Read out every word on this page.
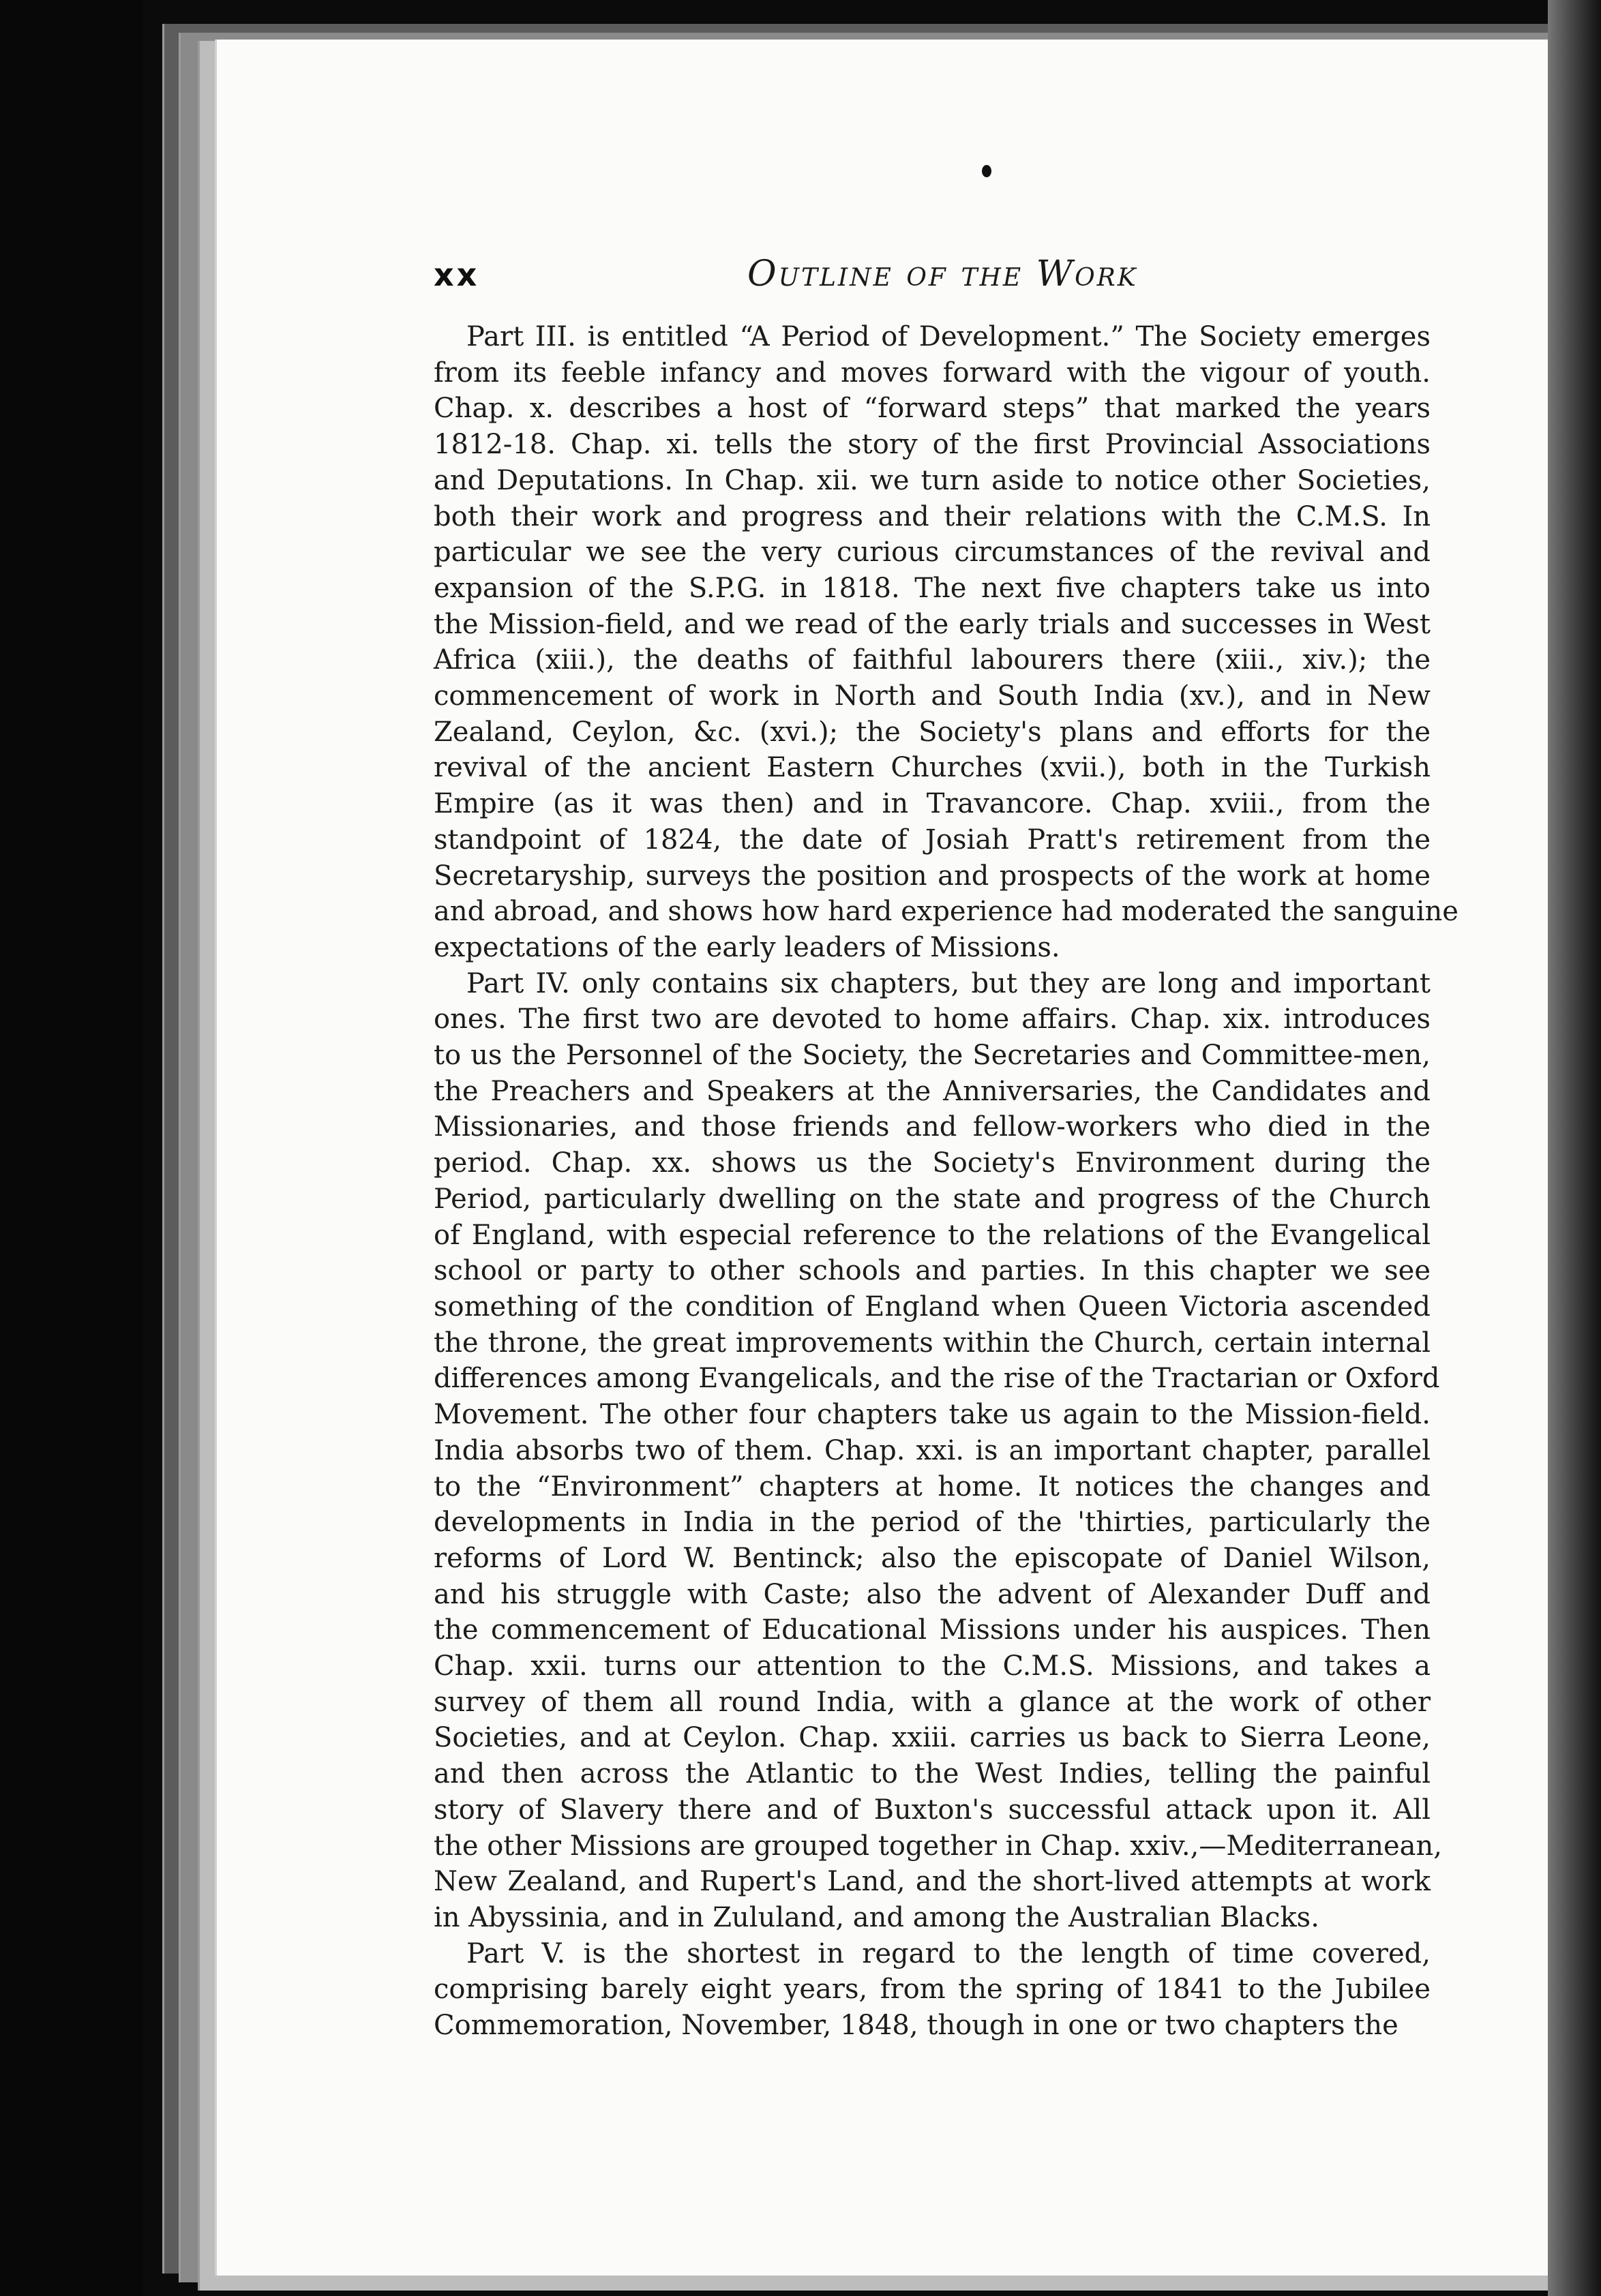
xx	Outline of the Work

Part III. is entitled “A Period of Development.” The Society emerges
from its feeble infancy and moves forward with the vigour of youth.
Chap. x. describes a host of “forward steps” that marked the years
1812-18. Chap. xi. tells the story of the first Provincial Associations
and Deputations. In Chap. xii. we turn aside to notice other Societies,
both their work and progress and their relations with the C.M.S. In
particular we see the very curious circumstances of the revival and
expansion of the S.P.G. in 1818. The next five chapters take us into
the Mission-field, and we read of the early trials and successes in West
Africa (xiii.), the deaths of faithful labourers there (xiii., xiv.); the
commencement of work in North and South India (xv.), and in New
Zealand, Ceylon, &c. (xvi.); the Society's plans and efforts for the
revival of the ancient Eastern Churches (xvii.), both in the Turkish
Empire (as it was then) and in Travancore. Chap. xviii., from the
standpoint of 1824, the date of Josiah Pratt's retirement from the
Secretaryship, surveys the position and prospects of the work at home
and abroad, and shows how hard experience had moderated the sanguine
expectations of the early leaders of Missions.

Part IV. only contains six chapters, but they are long and important
ones. The first two are devoted to home affairs. Chap. xix. introduces
to us the Personnel of the Society, the Secretaries and Committee-men,
the Preachers and Speakers at the Anniversaries, the Candidates and
Missionaries, and those friends and fellow-workers who died in the
period. Chap. xx. shows us the Society's Environment during the
Period, particularly dwelling on the state and progress of the Church
of England, with especial reference to the relations of the Evangelical
school or party to other schools and parties. In this chapter we see
something of the condition of England when Queen Victoria ascended
the throne, the great improvements within the Church, certain internal
differences among Evangelicals, and the rise of the Tractarian or Oxford
Movement. The other four chapters take us again to the Mission-field.
India absorbs two of them. Chap. xxi. is an important chapter, parallel
to the “Environment” chapters at home. It notices the changes and
developments in India in the period of the 'thirties, particularly the
reforms of Lord W. Bentinck; also the episcopate of Daniel Wilson,
and his struggle with Caste; also the advent of Alexander Duff and
the commencement of Educational Missions under his auspices. Then
Chap. xxii. turns our attention to the C.M.S. Missions, and takes a
survey of them all round India, with a glance at the work of other
Societies, and at Ceylon. Chap. xxiii. carries us back to Sierra Leone,
and then across the Atlantic to the West Indies, telling the painful
story of Slavery there and of Buxton's successful attack upon it. All
the other Missions are grouped together in Chap. xxiv.,—Mediterranean,
New Zealand, and Rupert's Land, and the short-lived attempts at work
in Abyssinia, and in Zululand, and among the Australian Blacks.

Part V. is the shortest in regard to the length of time covered,
comprising barely eight years, from the spring of 1841 to the Jubilee
Commemoration, November, 1848, though in one or two chapters the
